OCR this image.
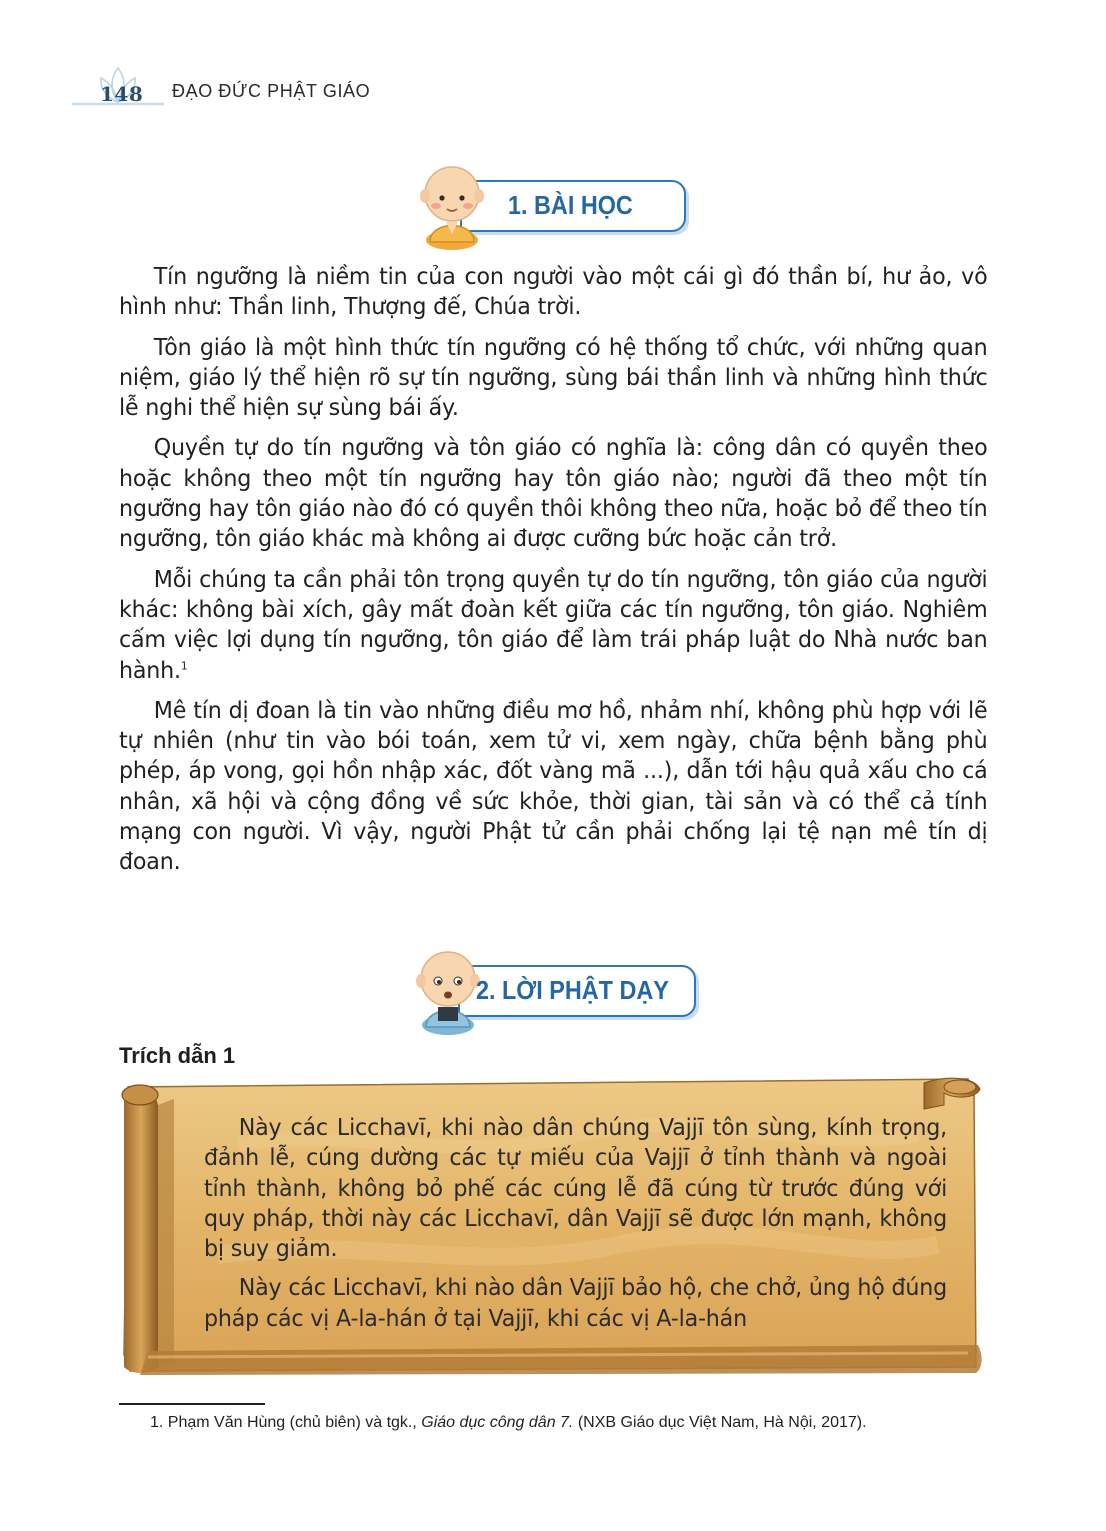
148 ĐẠO ĐỨC PHẬT GIÁO
1. BÀI HỌC

Tín ngưỡng là niềm tin của con người vào một cái gì đó thần bí, hư ảo, vô hình như: Thần linh, Thượng đế, Chúa trời.

Tôn giáo là một hình thức tín ngưỡng có hệ thống tổ chức, với những quan niệm, giáo lý thể hiện rõ sự tín ngưỡng, sùng bái thần linh và những hình thức lễ nghi thể hiện sự sùng bái ấy.

Quyền tự do tín ngưỡng và tôn giáo có nghĩa là: công dân có quyền theo hoặc không theo một tín ngưỡng hay tôn giáo nào; người đã theo một tín ngưỡng hay tôn giáo nào đó có quyền thôi không theo nữa, hoặc bỏ để theo tín ngưỡng, tôn giáo khác mà không ai được cưỡng bức hoặc cản trở.

Mỗi chúng ta cần phải tôn trọng quyền tự do tín ngưỡng, tôn giáo của người khác: không bài xích, gây mất đoàn kết giữa các tín ngưỡng, tôn giáo. Nghiêm cấm việc lợi dụng tín ngưỡng, tôn giáo để làm trái pháp luật do Nhà nước ban hành.$^1$

Mê tín dị đoan là tin vào những điều mơ hồ, nhảm nhí, không phù hợp với lẽ tự nhiên (như tin vào bói toán, xem tử vi, xem ngày, chữa bệnh bằng phù phép, áp vong, gọi hồn nhập xác, đốt vàng mã ...), dẫn tới hậu quả xấu cho cá nhân, xã hội và cộng đồng về sức khỏe, thời gian, tài sản và có thể cả tính mạng con người. Vì vậy, người Phật tử cần phải chống lại tệ nạn mê tín dị đoan.

2. LỜI PHẬT DẠY
Trích dẫn 1

Này các Licchavī, khi nào dân chúng Vajjī tôn sùng, kính trọng, đảnh lễ, cúng dường các tự miếu của Vajjī ở tỉnh thành và ngoài tỉnh thành, không bỏ phế các cúng lễ đã cúng từ trước đúng với quy pháp, thời này các Licchavī, dân Vajjī sẽ được lớn mạnh, không bị suy giảm.

Này các Licchavī, khi nào dân Vajjī bảo hộ, che chở, ủng hộ đúng pháp các vị A-la-hán ở tại Vajjī, khi các vị A-la-hán

1. Phạm Văn Hùng (chủ biên) và tgk., Giáo dục công dân 7. (NXB Giáo dục Việt Nam, Hà Nội, 2017).
